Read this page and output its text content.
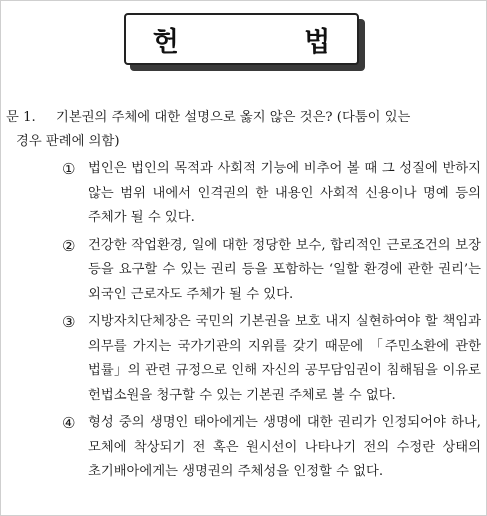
헌 법
문 1.	기본권의 주체에 대한 설명으로 옳지 않은 것은? (다툼이 있는
경우 판례에 의함)
① 법인은 법인의 목적과 사회적 기능에 비추어 볼 때 그 성질에 반하지 않는 범위 내에서 인격권의 한 내용인 사회적 신용이나 명예 등의 주체가 될 수 있다.
② 건강한 작업환경, 일에 대한 정당한 보수, 합리적인 근로조건의 보장 등을 요구할 수 있는 권리 등을 포함하는 ‘일할 환경에 관한 권리’는 외국인 근로자도 주체가 될 수 있다.
③ 지방자치단체장은 국민의 기본권을 보호 내지 실현하여야 할 책임과 의무를 가지는 국가기관의 지위를 갖기 때문에 「주민소환에 관한 법률」의 관련 규정으로 인해 자신의 공무담임권이 침해됨을 이유로 헌법소원을 청구할 수 있는 기본권 주체로 볼 수 없다.
④ 형성 중의 생명인 태아에게는 생명에 대한 권리가 인정되어야 하나, 모체에 착상되기 전 혹은 원시선이 나타나기 전의 수정란 상태의 초기배아에게는 생명권의 주체성을 인정할 수 없다.
